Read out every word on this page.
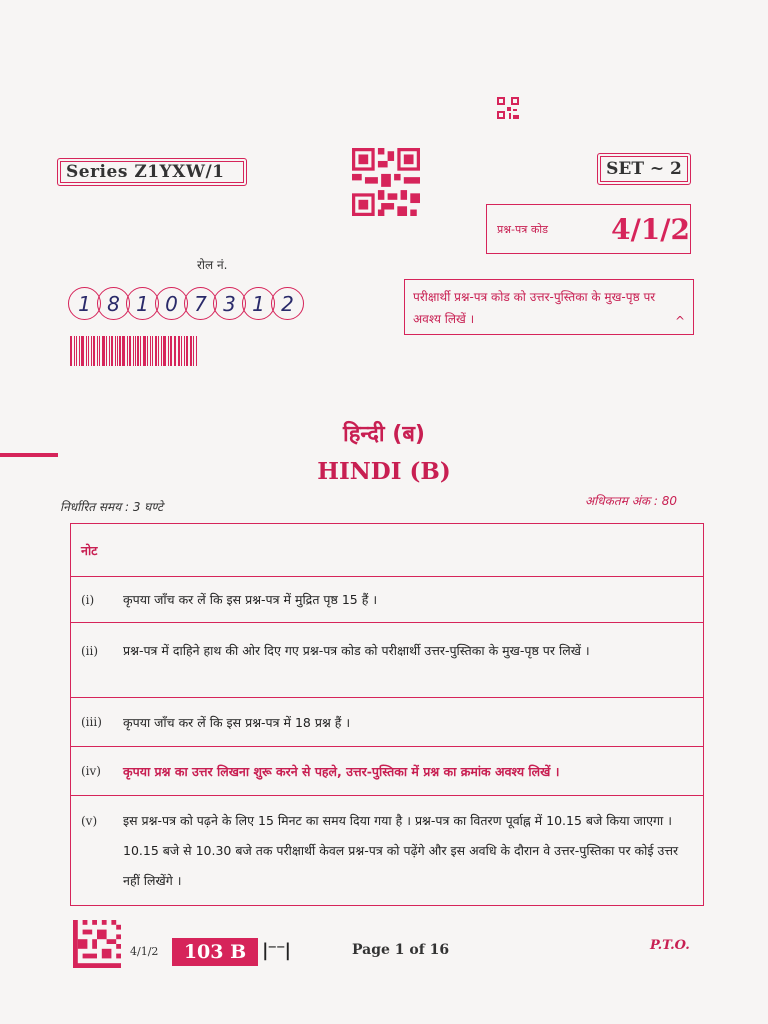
Series Z1YXW/1	SET ~ 2
प्रश्न-पत्र कोड	4/1/2
रोल नं.
1 8 1 0 7 3 1 2	परीक्षार्थी प्रश्न-पत्र कोड को उत्तर-पुस्तिका के मुख-पृष्ठ पर अवश्य लिखें ।	^
हिन्दी (ब)
HINDI (B)
निर्धारित समय : 3 घण्टे	अधिकतम अंक : 80
नोट
(i)	कृपया जाँच कर लें कि इस प्रश्न-पत्र में मुद्रित पृष्ठ 15 हैं ।
(ii)	प्रश्न-पत्र में दाहिने हाथ की ओर दिए गए प्रश्न-पत्र कोड को परीक्षार्थी उत्तर-पुस्तिका के मुख-पृष्ठ पर लिखें ।
(iii)	कृपया जाँच कर लें कि इस प्रश्न-पत्र में 18 प्रश्न हैं ।
(iv)	कृपया प्रश्न का उत्तर लिखना शुरू करने से पहले, उत्तर-पुस्तिका में प्रश्न का क्रमांक अवश्य लिखें ।
(v)	इस प्रश्न-पत्र को पढ़ने के लिए 15 मिनट का समय दिया गया है । प्रश्न-पत्र का वितरण पूर्वाह्न में 10.15 बजे किया जाएगा । 10.15 बजे से 10.30 बजे तक परीक्षार्थी केवल प्रश्न-पत्र को पढ़ेंगे और इस अवधि के दौरान वे उत्तर-पुस्तिका पर कोई उत्तर नहीं लिखेंगे ।
4/1/2	103 B |⁻⁻|	Page 1 of 16	P.T.O.
